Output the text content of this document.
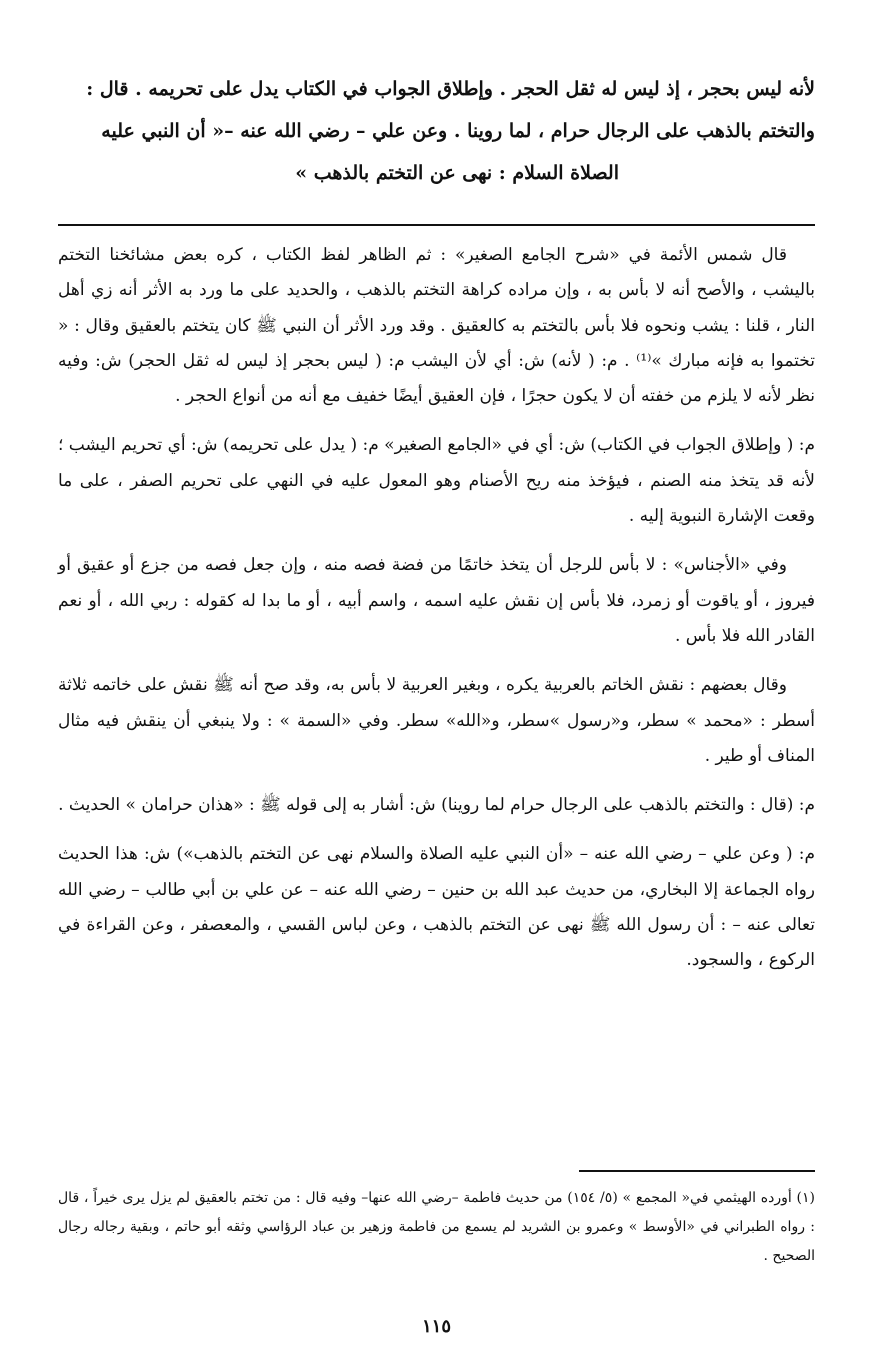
لأنه ليس بحجر ، إذ ليس له ثقل الحجر . وإطلاق الجواب في الكتاب يدل على تحريمه . قال :

والتختم بالذهب على الرجال حرام ، لما روينا . وعن علي – رضي الله عنه –« أن النبي عليه

الصلاة السلام : نهى عن التختم بالذهب »

قال شمس الأئمة في «شرح الجامع الصغير» : ثم الظاهر لفظ الكتاب ، كره بعض مشائخنا التختم باليشب ، والأصح أنه لا بأس به ، وإن مراده كراهة التختم بالذهب ، والحديد على ما ورد به الأثر أنه زي أهل النار ، قلنا : يشب ونحوه فلا بأس بالتختم به كالعقيق . وقد ورد الأثر أن النبي ﷺ كان يتختم بالعقيق وقال : « تختموا به فإنه مبارك »⁽¹⁾ . م: ( لأنه) ش: أي لأن اليشب م: ( ليس بحجر إذ ليس له ثقل الحجر) ش: وفيه نظر لأنه لا يلزم من خفته أن لا يكون حجرًا ، فإن العقيق أيضًا خفيف مع أنه من أنواع الحجر .

م: ( وإطلاق الجواب في الكتاب) ش: أي في «الجامع الصغير» م: ( يدل على تحريمه) ش: أي تحريم اليشب ؛ لأنه قد يتخذ منه الصنم ، فيؤخذ منه ريح الأصنام وهو المعول عليه في النهي على تحريم الصفر ، على ما وقعت الإشارة النبوية إليه .

وفي «الأجناس» : لا بأس للرجل أن يتخذ خاتمًا من فضة فصه منه ، وإن جعل فصه من جزع أو عقيق أو فيروز ، أو ياقوت أو زمرد، فلا بأس إن نقش عليه اسمه ، واسم أبيه ، أو ما بدا له كقوله : ربي الله ، أو نعم القادر الله فلا بأس .

وقال بعضهم : نقش الخاتم بالعربية يكره ، وبغير العربية لا بأس به، وقد صح أنه ﷺ نقش على خاتمه ثلاثة أسطر : «محمد » سطر، و«رسول »سطر، و«الله» سطر. وفي «السمة » : ولا ينبغي أن ينقش فيه مثال المناف أو طير .

م: (قال : والتختم بالذهب على الرجال حرام لما روينا) ش: أشار به إلى قوله ﷺ : «هذان حرامان » الحديث .

م: ( وعن علي – رضي الله عنه – «أن النبي عليه الصلاة والسلام نهى عن التختم بالذهب») ش: هذا الحديث رواه الجماعة إلا البخاري، من حديث عبد الله بن حنين – رضي الله عنه – عن علي بن أبي طالب – رضي الله تعالى عنه – : أن رسول الله ﷺ نهى عن التختم بالذهب ، وعن لباس القسي ، والمعصفر ، وعن القراءة في الركوع ، والسجود.

(١) أورده الهيثمي في« المجمع » (٥/ ١٥٤) من حديث فاطمة –رضي الله عنها– وفيه قال : من تختم بالعقيق لم يزل يرى خيراً ، قال : رواه الطبراني في «الأوسط » وعمرو بن الشريد لم يسمع من فاطمة وزهير بن عباد الرؤاسي وثقه أبو حاتم ، وبقية رجاله رجال الصحيح .

١١٥
